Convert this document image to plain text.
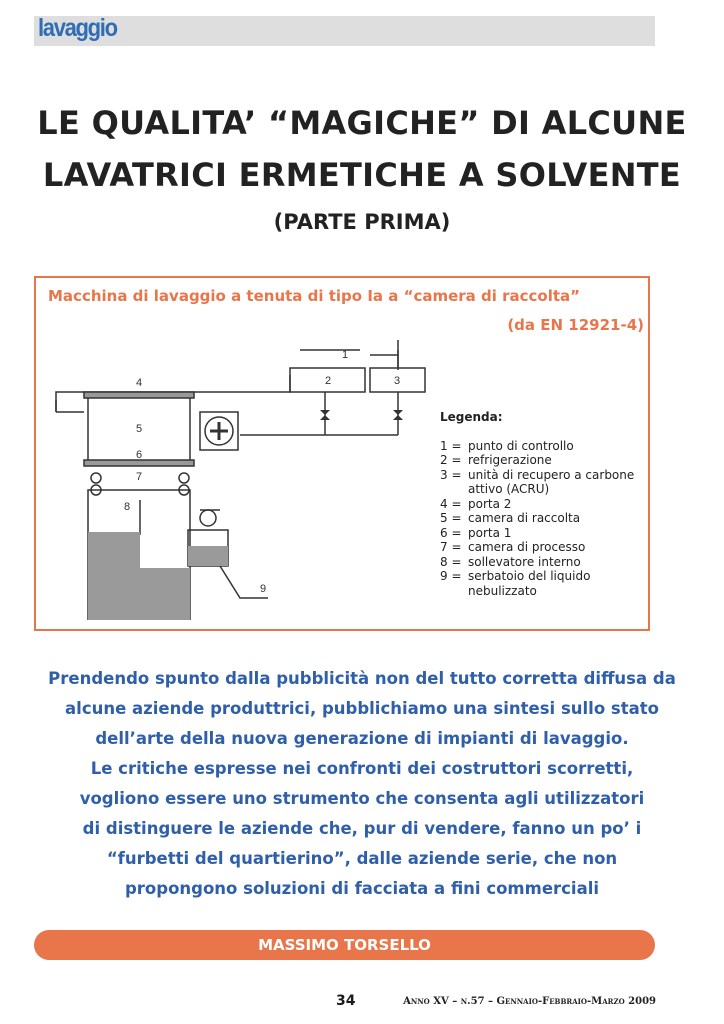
lavaggio
LE QUALITA’ “MAGICHE” DI ALCUNE
LAVATRICI ERMETICHE A SOLVENTE
(PARTE PRIMA)
Macchina di lavaggio a tenuta di tipo Ia a “camera di raccolta”
(da EN 12921-4)
1
2	3
4
5
6
7
8
9
Legenda:
1 = punto di controllo
2 = refrigerazione
3 = unità di recupero a carbone attivo (ACRU)
4 = porta 2
5 = camera di raccolta
6 = porta 1
7 = camera di processo
8 = sollevatore interno
9 = serbatoio del liquido nebulizzato
Prendendo spunto dalla pubblicità non del tutto corretta diffusa da
alcune aziende produttrici, pubblichiamo una sintesi sullo stato
dell’arte della nuova generazione di impianti di lavaggio.
Le critiche espresse nei confronti dei costruttori scorretti,
vogliono essere uno strumento che consenta agli utilizzatori
di distinguere le aziende che, pur di vendere, fanno un po’ i
“furbetti del quartierino”, dalle aziende serie, che non
propongono soluzioni di facciata a fini commerciali
MASSIMO TORSELLO
34	Anno XV – n.57 – Gennaio-Febbraio-Marzo 2009
